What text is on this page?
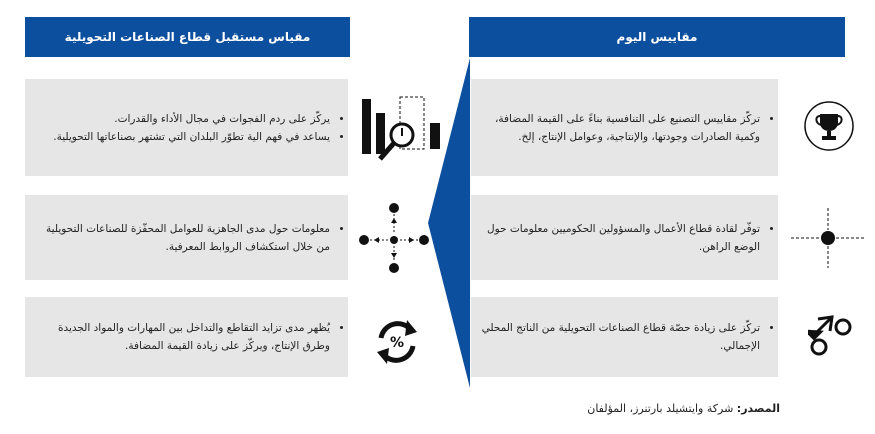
مقاييس اليوم
مقياس مستقبل قطاع الصناعات التحويلية
• تركّز مقاييس التصنيع على التنافسية بناءً على القيمة المضافة، وكمية الصادرات وجودتها، والإنتاجية، وعوامل الإنتاج، إلخ.
• توفّر لقادة قطاع الأعمال والمسؤولين الحكوميين معلومات حول الوضع الراهن.
• تركّز على زيادة حصّة قطاع الصناعات التحويلية من الناتج المحلي الإجمالي.
• يركّز على ردم الفجوات في مجال الأداء والقدرات.
• يساعد في فهم الية تطوّر البلدان التي تشتهر بصناعاتها التحويلية.
• معلومات حول مدى الجاهزية للعوامل المحفّزة للصناعات التحويلية من خلال استكشاف الروابط المعرفية.
• يُظهر مدى تزايد التقاطع والتداخل بين المهارات والمواد الجديدة وطرق الإنتاج، ويركّز على زيادة القيمة المضافة.	%
المصدر: شركة وايتشيلد بارتنرز، المؤلفان
